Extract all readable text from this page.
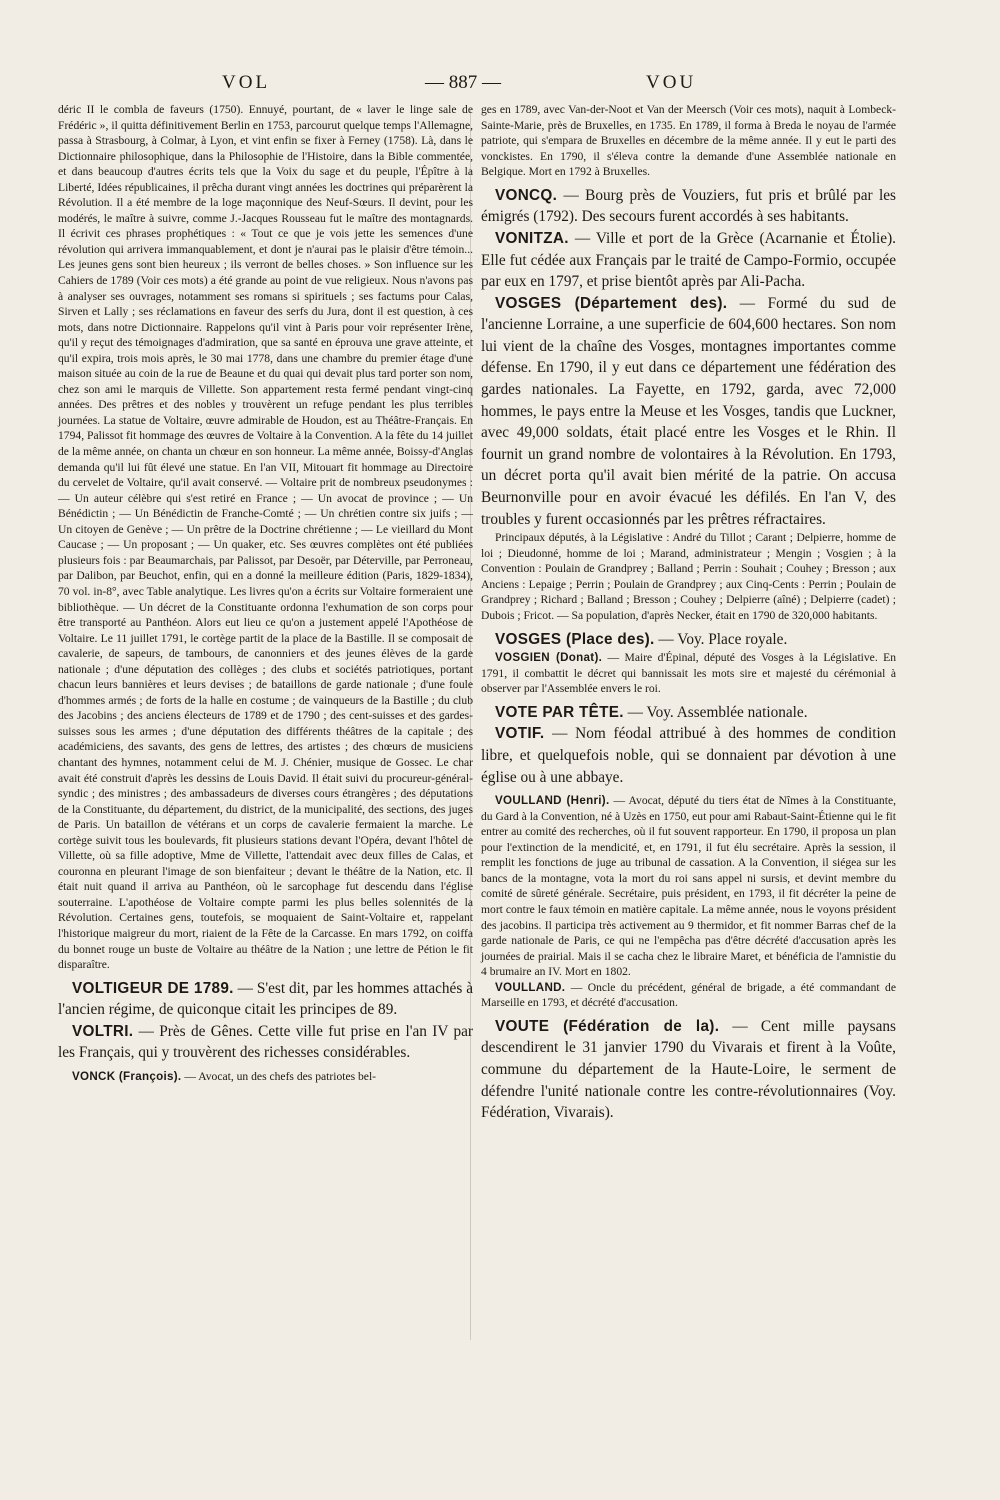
VOL	— 887 —	VOU

déric II le combla de faveurs (1750). Ennuyé, pourtant, de « laver le linge sale de Frédéric », il quitta définitivement Berlin en 1753, parcourut quelque temps l'Allemagne, passa à Strasbourg, à Colmar, à Lyon, et vint enfin se fixer à Ferney (1758). Là, dans le Dictionnaire philosophique, dans la Philosophie de l'Histoire, dans la Bible commentée, et dans beaucoup d'autres écrits tels que la Voix du sage et du peuple, l'Épître à la Liberté, Idées républicaines, il prêcha durant vingt années les doctrines qui préparèrent la Révolution. Il a été membre de la loge maçonnique des Neuf-Sœurs. Il devint, pour les modérés, le maître à suivre, comme J.-Jacques Rousseau fut le maître des montagnards. Il écrivit ces phrases prophétiques : « Tout ce que je vois jette les semences d'une révolution qui arrivera immanquablement, et dont je n'aurai pas le plaisir d'être témoin... Les jeunes gens sont bien heureux ; ils verront de belles choses. » Son influence sur les Cahiers de 1789 (Voir ces mots) a été grande au point de vue religieux. Nous n'avons pas à analyser ses ouvrages, notamment ses romans si spirituels ; ses factums pour Calas, Sirven et Lally ; ses réclamations en faveur des serfs du Jura, dont il est question, à ces mots, dans notre Dictionnaire. Rappelons qu'il vint à Paris pour voir représenter Irène, qu'il y reçut des témoignages d'admiration, que sa santé en éprouva une grave atteinte, et qu'il expira, trois mois après, le 30 mai 1778, dans une chambre du premier étage d'une maison située au coin de la rue de Beaune et du quai qui devait plus tard porter son nom, chez son ami le marquis de Villette. Son appartement resta fermé pendant vingt-cinq années. Des prêtres et des nobles y trouvèrent un refuge pendant les plus terribles journées. La statue de Voltaire, œuvre admirable de Houdon, est au Théâtre-Français. En 1794, Palissot fit hommage des œuvres de Voltaire à la Convention. A la fête du 14 juillet de la même année, on chanta un chœur en son honneur. La même année, Boissy-d'Anglas demanda qu'il lui fût élevé une statue. En l'an VII, Mitouart fit hommage au Directoire du cervelet de Voltaire, qu'il avait conservé. — Voltaire prit de nombreux pseudonymes : — Un auteur célèbre qui s'est retiré en France ; — Un avocat de province ; — Un Bénédictin ; — Un Bénédictin de Franche-Comté ; — Un chrétien contre six juifs ; — Un citoyen de Genève ; — Un prêtre de la Doctrine chrétienne ; — Le vieillard du Mont Caucase ; — Un proposant ; — Un quaker, etc. Ses œuvres complètes ont été publiées plusieurs fois : par Beaumarchais, par Palissot, par Desoër, par Déterville, par Perroneau, par Dalibon, par Beuchot, enfin, qui en a donné la meilleure édition (Paris, 1829-1834), 70 vol. in-8°, avec Table analytique. Les livres qu'on a écrits sur Voltaire formeraient une bibliothèque. — Un décret de la Constituante ordonna l'exhumation de son corps pour être transporté au Panthéon. Alors eut lieu ce qu'on a justement appelé l'Apothéose de Voltaire. Le 11 juillet 1791, le cortège partit de la place de la Bastille. Il se composait de cavalerie, de sapeurs, de tambours, de canonniers et des jeunes élèves de la garde nationale ; d'une députation des collèges ; des clubs et sociétés patriotiques, portant chacun leurs bannières et leurs devises ; de bataillons de garde nationale ; d'une foule d'hommes armés ; de forts de la halle en costume ; de vainqueurs de la Bastille ; du club des Jacobins ; des anciens électeurs de 1789 et de 1790 ; des cent-suisses et des gardes-suisses sous les armes ; d'une députation des différents théâtres de la capitale ; des académiciens, des savants, des gens de lettres, des artistes ; des chœurs de musiciens chantant des hymnes, notamment celui de M. J. Chénier, musique de Gossec. Le char avait été construit d'après les dessins de Louis David. Il était suivi du procureur-général-syndic ; des ministres ; des ambassadeurs de diverses cours étrangères ; des députations de la Constituante, du département, du district, de la municipalité, des sections, des juges de Paris. Un bataillon de vétérans et un corps de cavalerie fermaient la marche. Le cortège suivit tous les boulevards, fit plusieurs stations devant l'Opéra, devant l'hôtel de Villette, où sa fille adoptive, Mme de Villette, l'attendait avec deux filles de Calas, et couronna en pleurant l'image de son bienfaiteur ; devant le théâtre de la Nation, etc. Il était nuit quand il arriva au Panthéon, où le sarcophage fut descendu dans l'église souterraine. L'apothéose de Voltaire compte parmi les plus belles solennités de la Révolution. Certaines gens, toutefois, se moquaient de Saint-Voltaire et, rappelant l'historique maigreur du mort, riaient de la Fête de la Carcasse. En mars 1792, on coiffa du bonnet rouge un buste de Voltaire au théâtre de la Nation ; une lettre de Pétion le fit disparaître.

VOLTIGEUR DE 1789. — S'est dit, par les hommes attachés à l'ancien régime, de quiconque citait les principes de 89.

VOLTRI. — Près de Gênes. Cette ville fut prise en l'an IV par les Français, qui y trouvèrent des richesses considérables.

VONCK (François). — Avocat, un des chefs des patriotes bel-

ges en 1789, avec Van-der-Noot et Van der Meersch (Voir ces mots), naquit à Lombeck-Sainte-Marie, près de Bruxelles, en 1735. En 1789, il forma à Breda le noyau de l'armée patriote, qui s'empara de Bruxelles en décembre de la même année. Il y eut le parti des vonckistes. En 1790, il s'éleva contre la demande d'une Assemblée nationale en Belgique. Mort en 1792 à Bruxelles.

VONCQ. — Bourg près de Vouziers, fut pris et brûlé par les émigrés (1792). Des secours furent accordés à ses habitants.

VONITZA. — Ville et port de la Grèce (Acarnanie et Étolie). Elle fut cédée aux Français par le traité de Campo-Formio, occupée par eux en 1797, et prise bientôt après par Ali-Pacha.

VOSGES (Département des). — Formé du sud de l'ancienne Lorraine, a une superficie de 604,600 hectares. Son nom lui vient de la chaîne des Vosges, montagnes importantes comme défense. En 1790, il y eut dans ce département une fédération des gardes nationales. La Fayette, en 1792, garda, avec 72,000 hommes, le pays entre la Meuse et les Vosges, tandis que Luckner, avec 49,000 soldats, était placé entre les Vosges et le Rhin. Il fournit un grand nombre de volontaires à la Révolution. En 1793, un décret porta qu'il avait bien mérité de la patrie. On accusa Beurnonville pour en avoir évacué les défilés. En l'an V, des troubles y furent occasionnés par les prêtres réfractaires.

Principaux députés, à la Législative : André du Tillot ; Carant ; Delpierre, homme de loi ; Dieudonné, homme de loi ; Marand, administrateur ; Mengin ; Vosgien ; à la Convention : Poulain de Grandprey ; Balland ; Perrin : Souhait ; Couhey ; Bresson ; aux Anciens : Lepaige ; Perrin ; Poulain de Grandprey ; aux Cinq-Cents : Perrin ; Poulain de Grandprey ; Richard ; Balland ; Bresson ; Couhey ; Delpierre (aîné) ; Delpierre (cadet) ; Dubois ; Fricot. — Sa population, d'après Necker, était en 1790 de 320,000 habitants.

VOSGES (Place des). — Voy. Place royale.

VOSGIEN (Donat). — Maire d'Épinal, député des Vosges à la Législative. En 1791, il combattit le décret qui bannissait les mots sire et majesté du cérémonial à observer par l'Assemblée envers le roi.

VOTE PAR TÊTE. — Voy. Assemblée nationale.

VOTIF. — Nom féodal attribué à des hommes de condition libre, et quelquefois noble, qui se donnaient par dévotion à une église ou à une abbaye.

VOULLAND (Henri). — Avocat, député du tiers état de Nîmes à la Constituante, du Gard à la Convention, né à Uzès en 1750, eut pour ami Rabaut-Saint-Étienne qui le fit entrer au comité des recherches, où il fut souvent rapporteur. En 1790, il proposa un plan pour l'extinction de la mendicité, et, en 1791, il fut élu secrétaire. Après la session, il remplit les fonctions de juge au tribunal de cassation. A la Convention, il siégea sur les bancs de la montagne, vota la mort du roi sans appel ni sursis, et devint membre du comité de sûreté générale. Secrétaire, puis président, en 1793, il fit décréter la peine de mort contre le faux témoin en matière capitale. La même année, nous le voyons président des jacobins. Il participa très activement au 9 thermidor, et fit nommer Barras chef de la garde nationale de Paris, ce qui ne l'empêcha pas d'être décrété d'accusation après les journées de prairial. Mais il se cacha chez le libraire Maret, et bénéficia de l'amnistie du 4 brumaire an IV. Mort en 1802.

VOULLAND. — Oncle du précédent, général de brigade, a été commandant de Marseille en 1793, et décrété d'accusation.

VOUTE (Fédération de la). — Cent mille paysans descendirent le 31 janvier 1790 du Vivarais et firent à la Voûte, commune du département de la Haute-Loire, le serment de défendre l'unité nationale contre les contre-révolutionnaires (Voy. Fédération, Vivarais).
